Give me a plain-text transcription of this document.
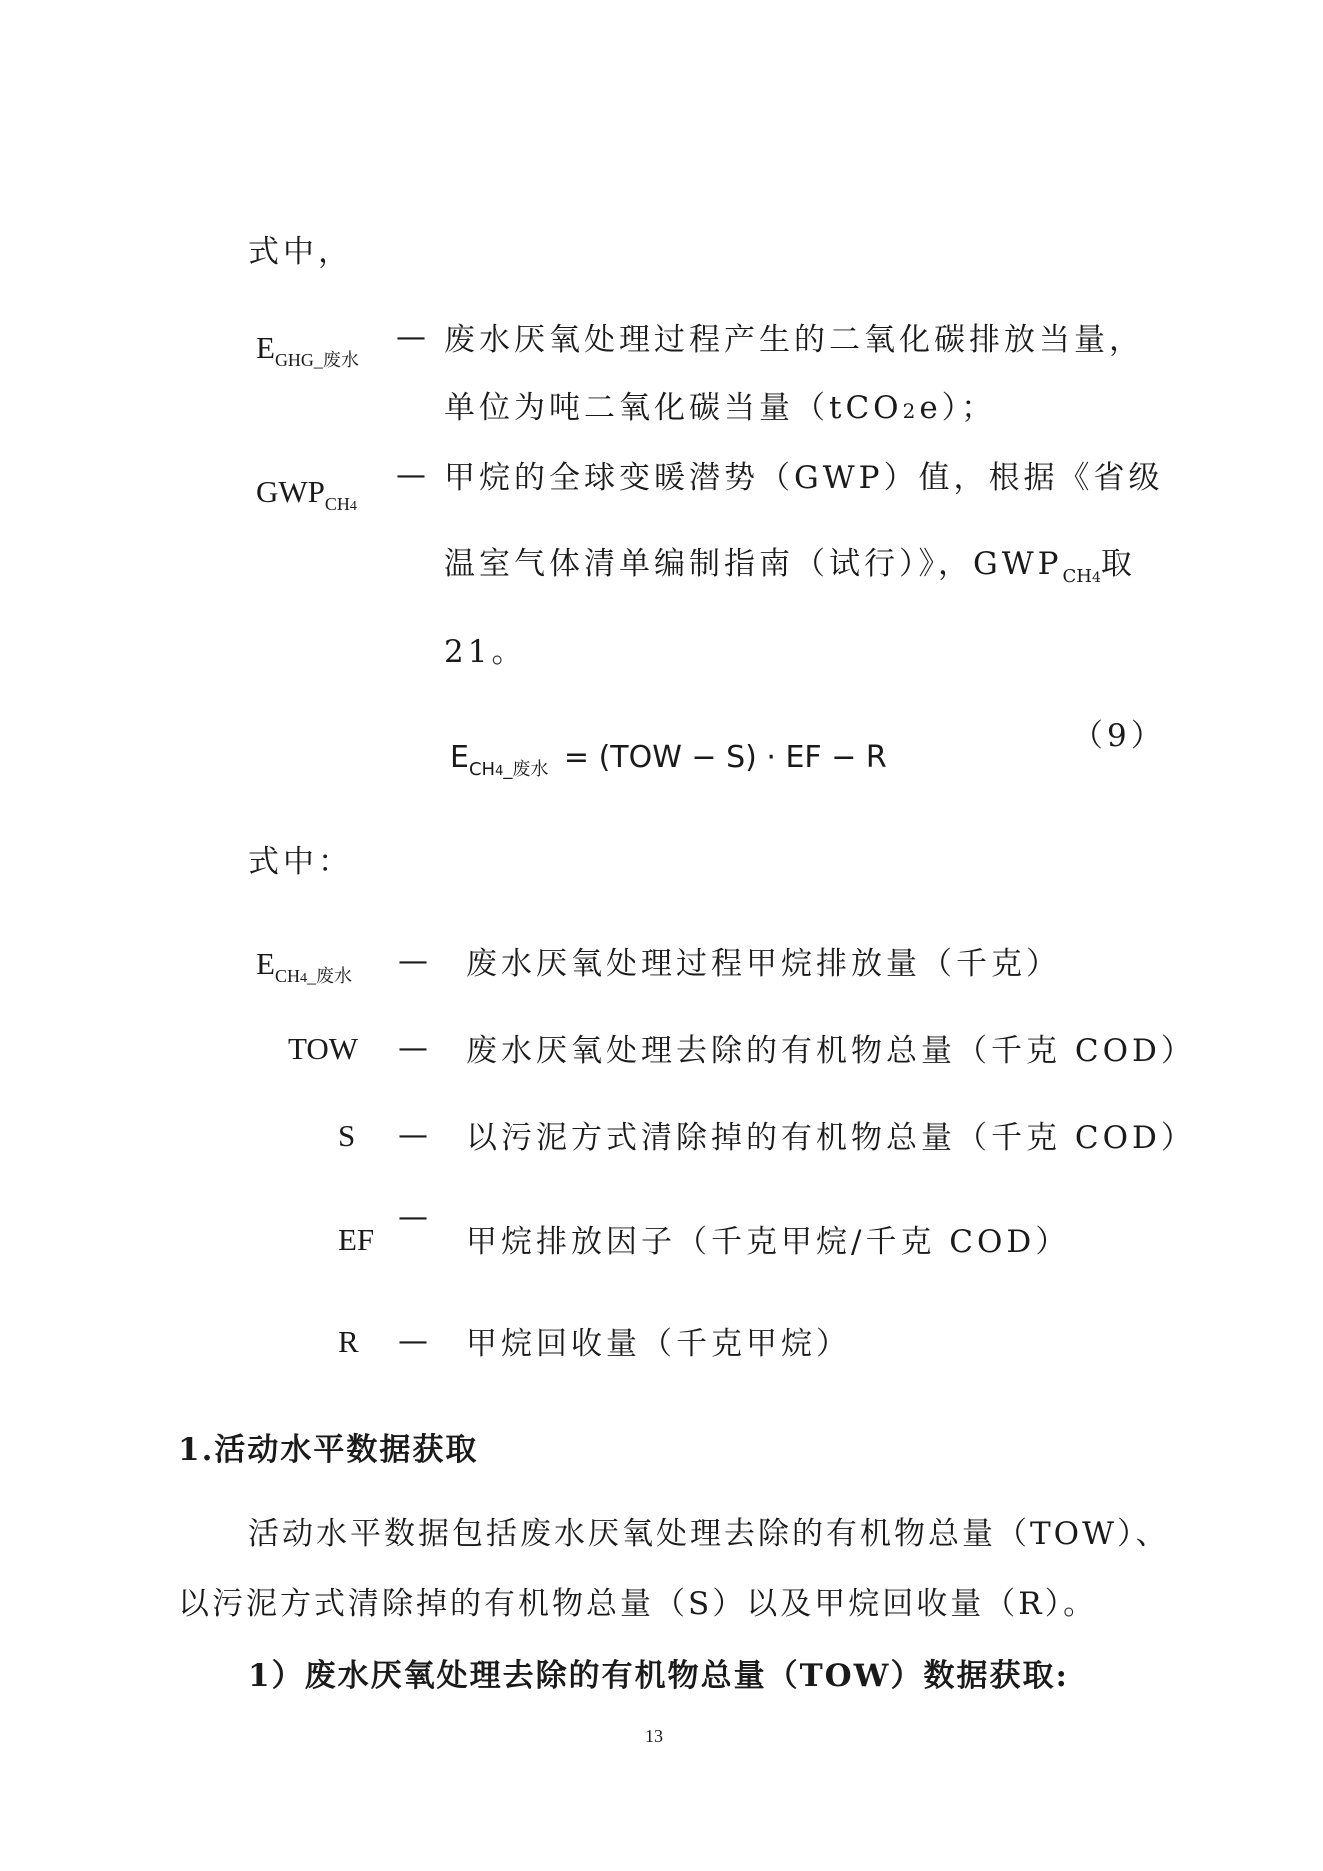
式中，
$E_{GHG\_废水}$
— 废水厌氧处理过程产生的二氧化碳排放当量，
单位为吨二氧化碳当量（tCO2e）；
$GWP_{CH4}$
— 甲烷的全球变暖潜势（GWP）值，根据《省级
温室气体清单编制指南（试行）》，$GWP_{CH4}$取
21。
$E_{CH4\_废水} = (TOW - S)$ · EF − R
（9）
式中：
$E_{CH4\_废水}$ — 废水厌氧处理过程甲烷排放量（千克）
TOW — 废水厌氧处理去除的有机物总量（千克 COD）
S — 以污泥方式清除掉的有机物总量（千克 COD）
EF
—
甲烷排放因子（千克甲烷/千克 COD）
R — 甲烷回收量（千克甲烷）
1.活动水平数据获取
活动水平数据包括废水厌氧处理去除的有机物总量（TOW）、
以污泥方式清除掉的有机物总量（S）以及甲烷回收量（R）。
1）废水厌氧处理去除的有机物总量（TOW）数据获取:
13
